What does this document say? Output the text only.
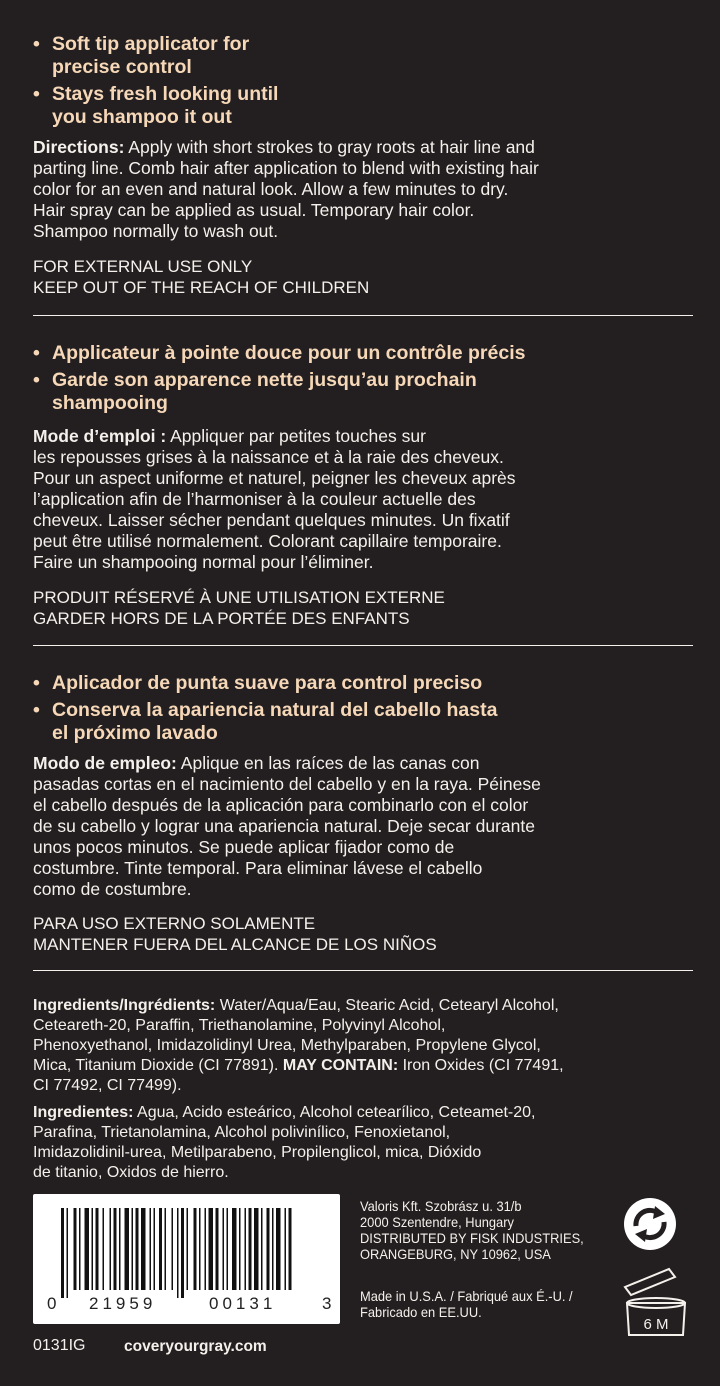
• Soft tip applicator for
precise control
• Stays fresh looking until
you shampoo it out

Directions: Apply with short strokes to gray roots at hair line and
parting line. Comb hair after application to blend with existing hair
color for an even and natural look. Allow a few minutes to dry.
Hair spray can be applied as usual. Temporary hair color.
Shampoo normally to wash out.

FOR EXTERNAL USE ONLY
KEEP OUT OF THE REACH OF CHILDREN

• Applicateur à pointe douce pour un contrôle précis
• Garde son apparence nette jusqu’au prochain
shampooing

Mode d’emploi : Appliquer par petites touches sur
les repousses grises à la naissance et à la raie des cheveux.
Pour un aspect uniforme et naturel, peigner les cheveux après
l’application afin de l’harmoniser à la couleur actuelle des
cheveux. Laisser sécher pendant quelques minutes. Un fixatif
peut être utilisé normalement. Colorant capillaire temporaire.
Faire un shampooing normal pour l’éliminer.

PRODUIT RÉSERVÉ À UNE UTILISATION EXTERNE
GARDER HORS DE LA PORTÉE DES ENFANTS

• Aplicador de punta suave para control preciso
• Conserva la apariencia natural del cabello hasta
el próximo lavado

Modo de empleo: Aplique en las raíces de las canas con
pasadas cortas en el nacimiento del cabello y en la raya. Péinese
el cabello después de la aplicación para combinarlo con el color
de su cabello y lograr una apariencia natural. Deje secar durante
unos pocos minutos. Se puede aplicar fijador como de
costumbre. Tinte temporal. Para eliminar lávese el cabello
como de costumbre.

PARA USO EXTERNO SOLAMENTE
MANTENER FUERA DEL ALCANCE DE LOS NIÑOS

Ingredients/Ingrédients: Water/Aqua/Eau, Stearic Acid, Cetearyl Alcohol,
Ceteareth-20, Paraffin, Triethanolamine, Polyvinyl Alcohol,
Phenoxyethanol, Imidazolidinyl Urea, Methylparaben, Propylene Glycol,
Mica, Titanium Dioxide (CI 77891). MAY CONTAIN: Iron Oxides (CI 77491,
CI 77492, CI 77499).

Ingredientes: Agua, Acido esteárico, Alcohol cetearílico, Ceteamet-20,
Parafina, Trietanolamina, Alcohol polivinílico, Fenoxietanol,
Imidazolidinil-urea, Metilparabeno, Propilenglicol, mica, Dióxido
de titanio, Oxidos de hierro.

0 21959	00131	3

Valoris Kft. Szobrász u. 31/b
2000 Szentendre, Hungary
DISTRIBUTED BY FISK INDUSTRIES,
ORANGEBURG, NY 10962, USA

Made in U.S.A. / Fabriqué aux É.-U. /
Fabricado en EE.UU.

6 M
0131IG coveryourgray.com
